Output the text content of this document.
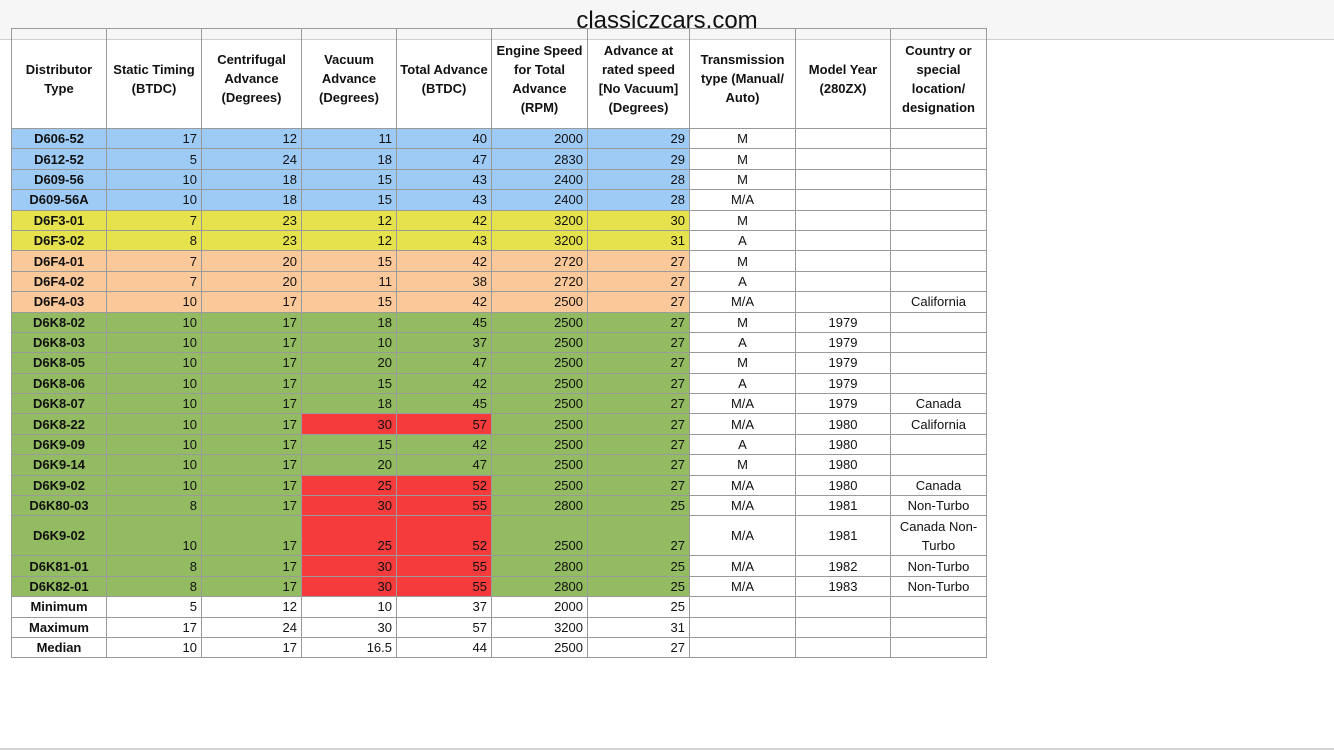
classiczcars.com
Distributor Type	Static Timing (BTDC)	Centrifugal Advance (Degrees)	Vacuum Advance (Degrees)	Total Advance (BTDC)	Engine Speed for Total Advance (RPM)	Advance at rated speed [No Vacuum] (Degrees)	Transmission type (Manual/ Auto)	Model Year (280ZX)	Country or special location/ designation
D606-52	17	12	11	40	2000	29	M		
D612-52	5	24	18	47	2830	29	M		
D609-56	10	18	15	43	2400	28	M		
D609-56A	10	18	15	43	2400	28	M/A		
D6F3-01	7	23	12	42	3200	30	M		
D6F3-02	8	23	12	43	3200	31	A		
D6F4-01	7	20	15	42	2720	27	M		
D6F4-02	7	20	11	38	2720	27	A		
D6F4-03	10	17	15	42	2500	27	M/A		California
D6K8-02	10	17	18	45	2500	27	M	1979	
D6K8-03	10	17	10	37	2500	27	A	1979	
D6K8-05	10	17	20	47	2500	27	M	1979	
D6K8-06	10	17	15	42	2500	27	A	1979	
D6K8-07	10	17	18	45	2500	27	M/A	1979	Canada
D6K8-22	10	17	30	57	2500	27	M/A	1980	California
D6K9-09	10	17	15	42	2500	27	A	1980	
D6K9-14	10	17	20	47	2500	27	M	1980	
D6K9-02	10	17	25	52	2500	27	M/A	1980	Canada
D6K80-03	8	17	30	55	2800	25	M/A	1981	Non-Turbo
D6K9-02	10	17	25	52	2500	27	M/A	1981	Canada Non-Turbo
D6K81-01	8	17	30	55	2800	25	M/A	1982	Non-Turbo
D6K82-01	8	17	30	55	2800	25	M/A	1983	Non-Turbo
Minimum	5	12	10	37	2000	25			
Maximum	17	24	30	57	3200	31			
Median	10	17	16.5	44	2500	27			
